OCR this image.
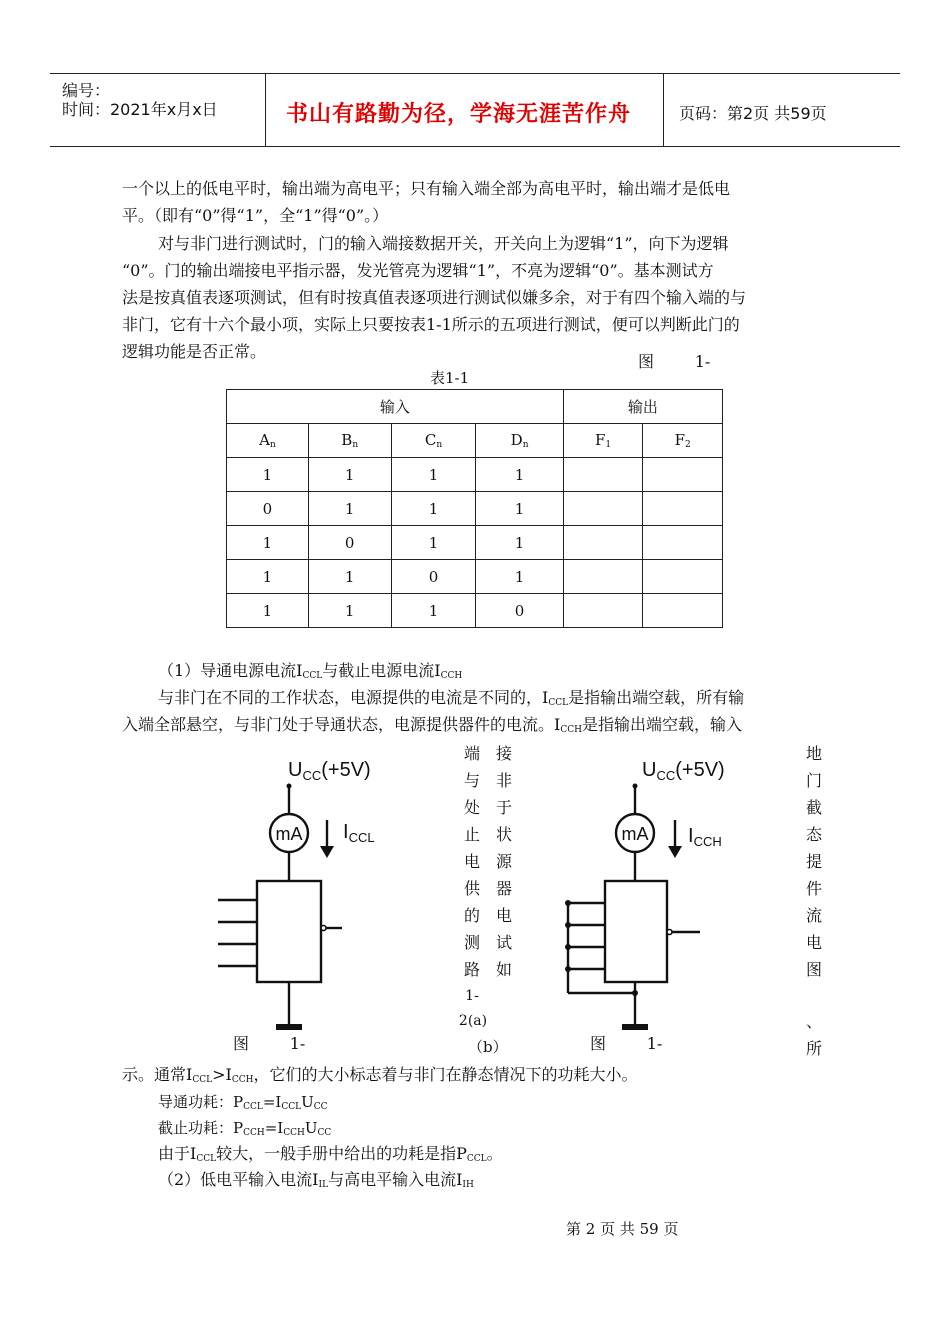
编号：
时间：2021年x月x日	书山有路勤为径，学海无涯苦作舟	页码：第2页 共59页
一个以上的低电平时，输出端为高电平；只有输入端全部为高电平时，输出端才是低电
平。（即有“0”得“1”，全“1”得“0”。）
对与非门进行测试时，门的输入端接数据开关，开关向上为逻辑“1”，向下为逻辑
“0”。门的输出端接电平指示器，发光管亮为逻辑“1”，不亮为逻辑“0”。基本测试方
法是按真值表逐项测试，但有时按真值表逐项进行测试似嫌多余，对于有四个输入端的与
非门，它有十六个最小项，实际上只要按表1-1所示的五项进行测试，便可以判断此门的
逻辑功能是否正常。
图        1-
表1-1
输入				输出	
$A_n$	$B_n$	$C_n$	$D_n$	$F_1$	$F_2$
1	1	1	1		
0	1	1	1		
1	0	1	1		
1	1	0	1		
1	1	1	0		
（1）导通电源电流$I_{CCL}$与截止电源电流$I_{CCH}$
与非门在不同的工作状态，电源提供的电流是不同的，$I_{CCL}$是指输出端空载，所有输
入端全部悬空，与非门处于导通状态，电源提供器件的电流。$I_{CCH}$是指输出端空载，输入
端
与
处
止
电
供
的
测
路
1-
2(a)
接
非
于
状
源
器
电
试
如
（b）
地
门
截
态
提
件
流
电
图
、
所
$U_{CC}(+5V)$
mA $I_{CCL}$
图        1-
$U_{CC}(+5V)$
mA $I_{CCH}$
图        1-
示。通常$I_{CCL}>I_{CCH}$，它们的大小标志着与非门在静态情况下的功耗大小。
导通功耗：$P_{CCL}=I_{CCL}U_{CC}$
截止功耗：$P_{CCH}=I_{CCH}U_{CC}$
由于$I_{CCL}$较大，一般手册中给出的功耗是指$P_{CCL}$。
（2）低电平输入电流$I_{IL}$与高电平输入电流$I_{IH}$
第 2 页 共 59 页
